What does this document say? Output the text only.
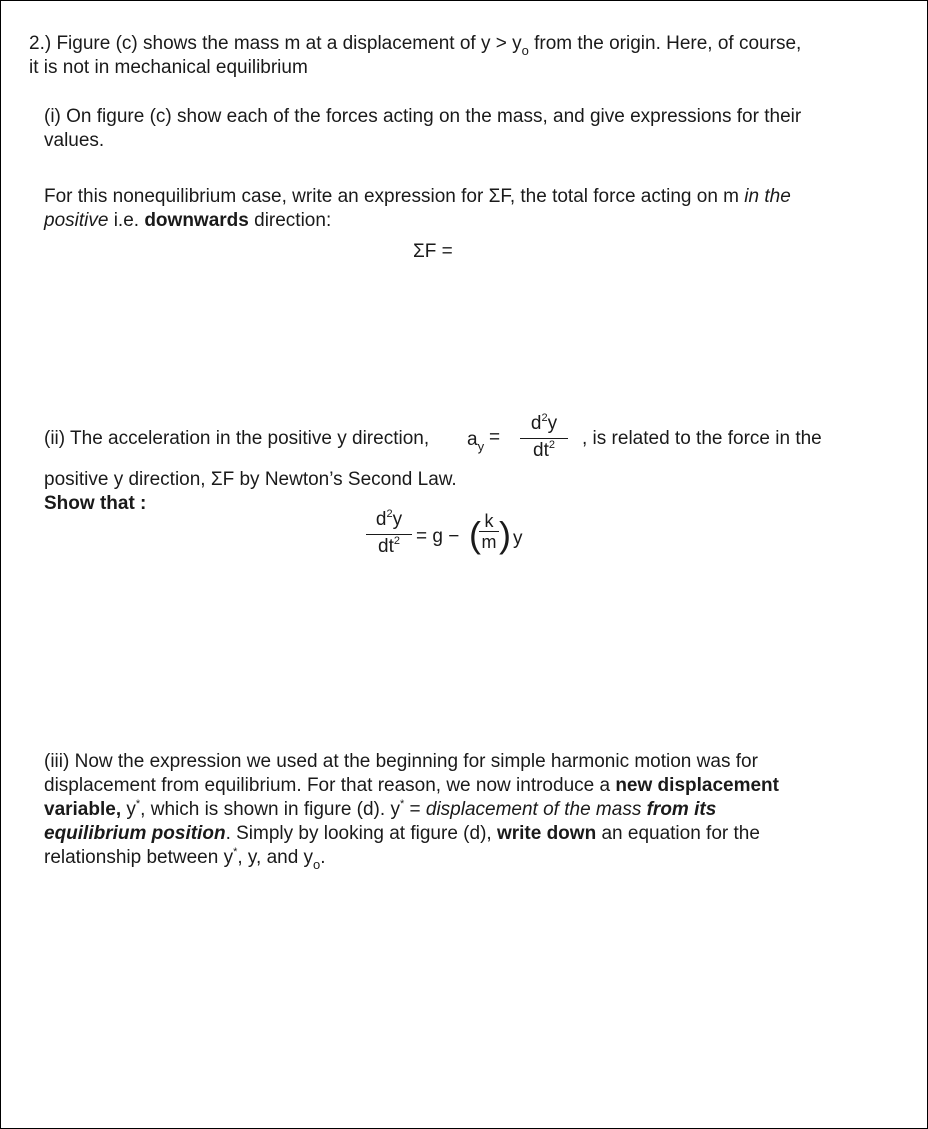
2.) Figure (c) shows the mass m at a displacement of $y > y_o$ from the origin. Here, of course,
it is not in mechanical equilibrium
(i) On figure (c) show each of the forces acting on the mass, and give expressions for their
values.
For this nonequilibrium case, write an expression for ΣF, the total force acting on m in the
positive i.e. downwards direction:
ΣF =
(ii) The acceleration in the positive y direction, $a_y$ =
$d^2y$
$dt^2$	, is related to the force in the
positive y direction, ΣF by Newton’s Second Law.
Show that :
$d^2y$
$dt^2 = g$ − ( k
m ) y
(iii) Now the expression we used at the beginning for simple harmonic motion was for
displacement from equilibrium. For that reason, we now introduce a new displacement
variable, y*, which is shown in figure (d). y* = displacement of the mass from its
equilibrium position. Simply by looking at figure (d), write down an equation for the
relationship between y*, y, and $y_o$.
